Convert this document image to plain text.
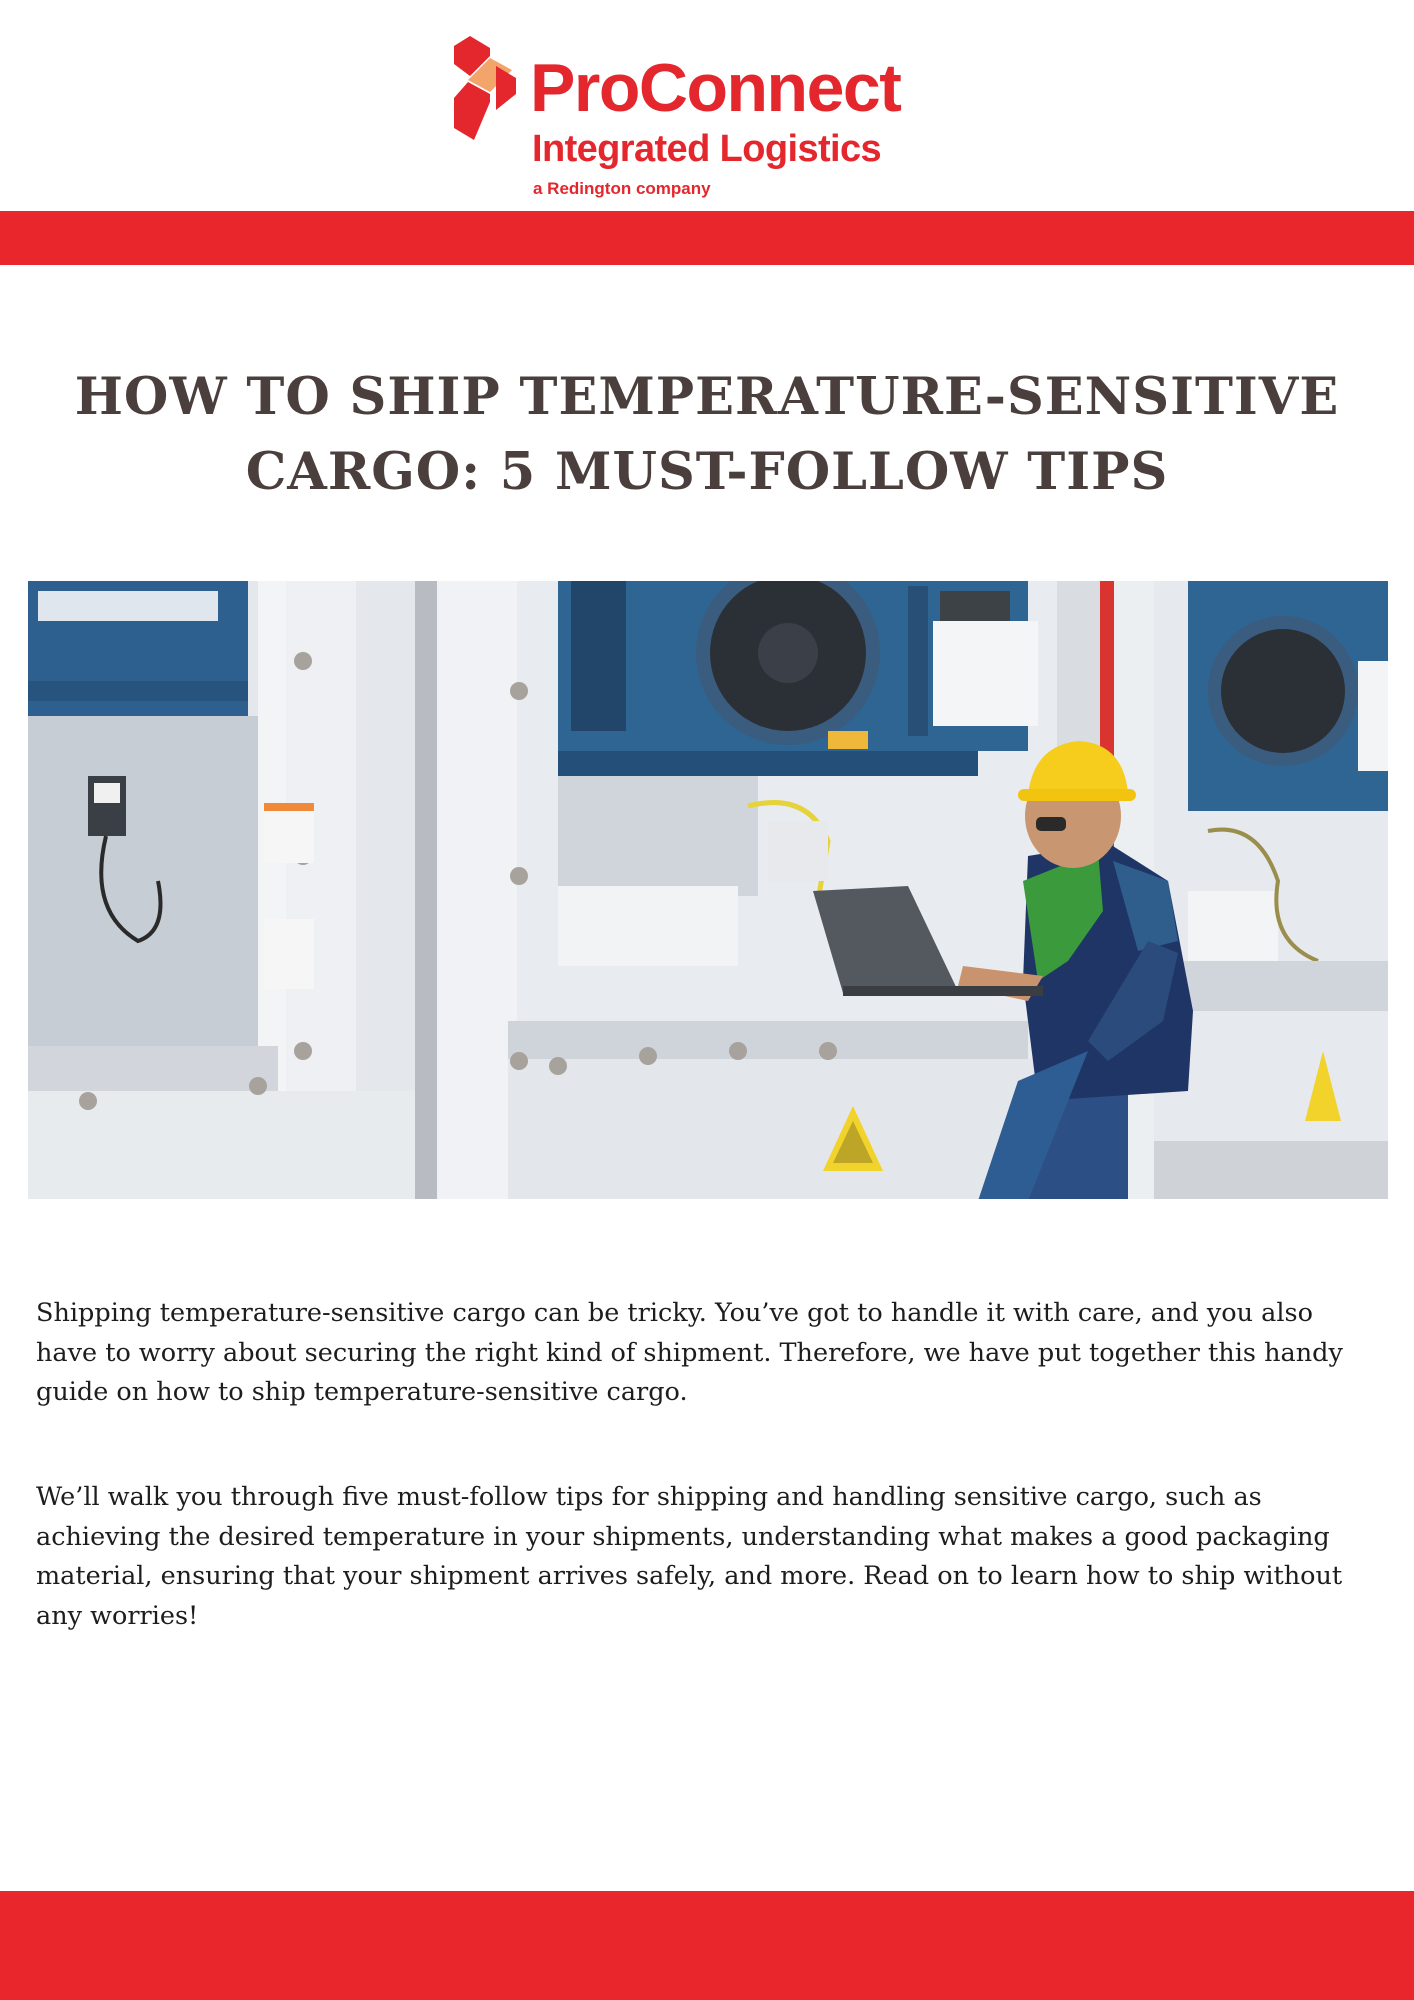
ProConnect
Integrated Logistics
a Redington company
HOW TO SHIP TEMPERATURE-SENSITIVE CARGO: 5 MUST-FOLLOW TIPS

Shipping temperature-sensitive cargo can be tricky. You’ve got to handle it with care, and you also have to worry about securing the right kind of shipment. Therefore, we have put together this handy guide on how to ship temperature-sensitive cargo.

We’ll walk you through five must-follow tips for shipping and handling sensitive cargo, such as achieving the desired temperature in your shipments, understanding what makes a good packaging material, ensuring that your shipment arrives safely, and more. Read on to learn how to ship without any worries!
